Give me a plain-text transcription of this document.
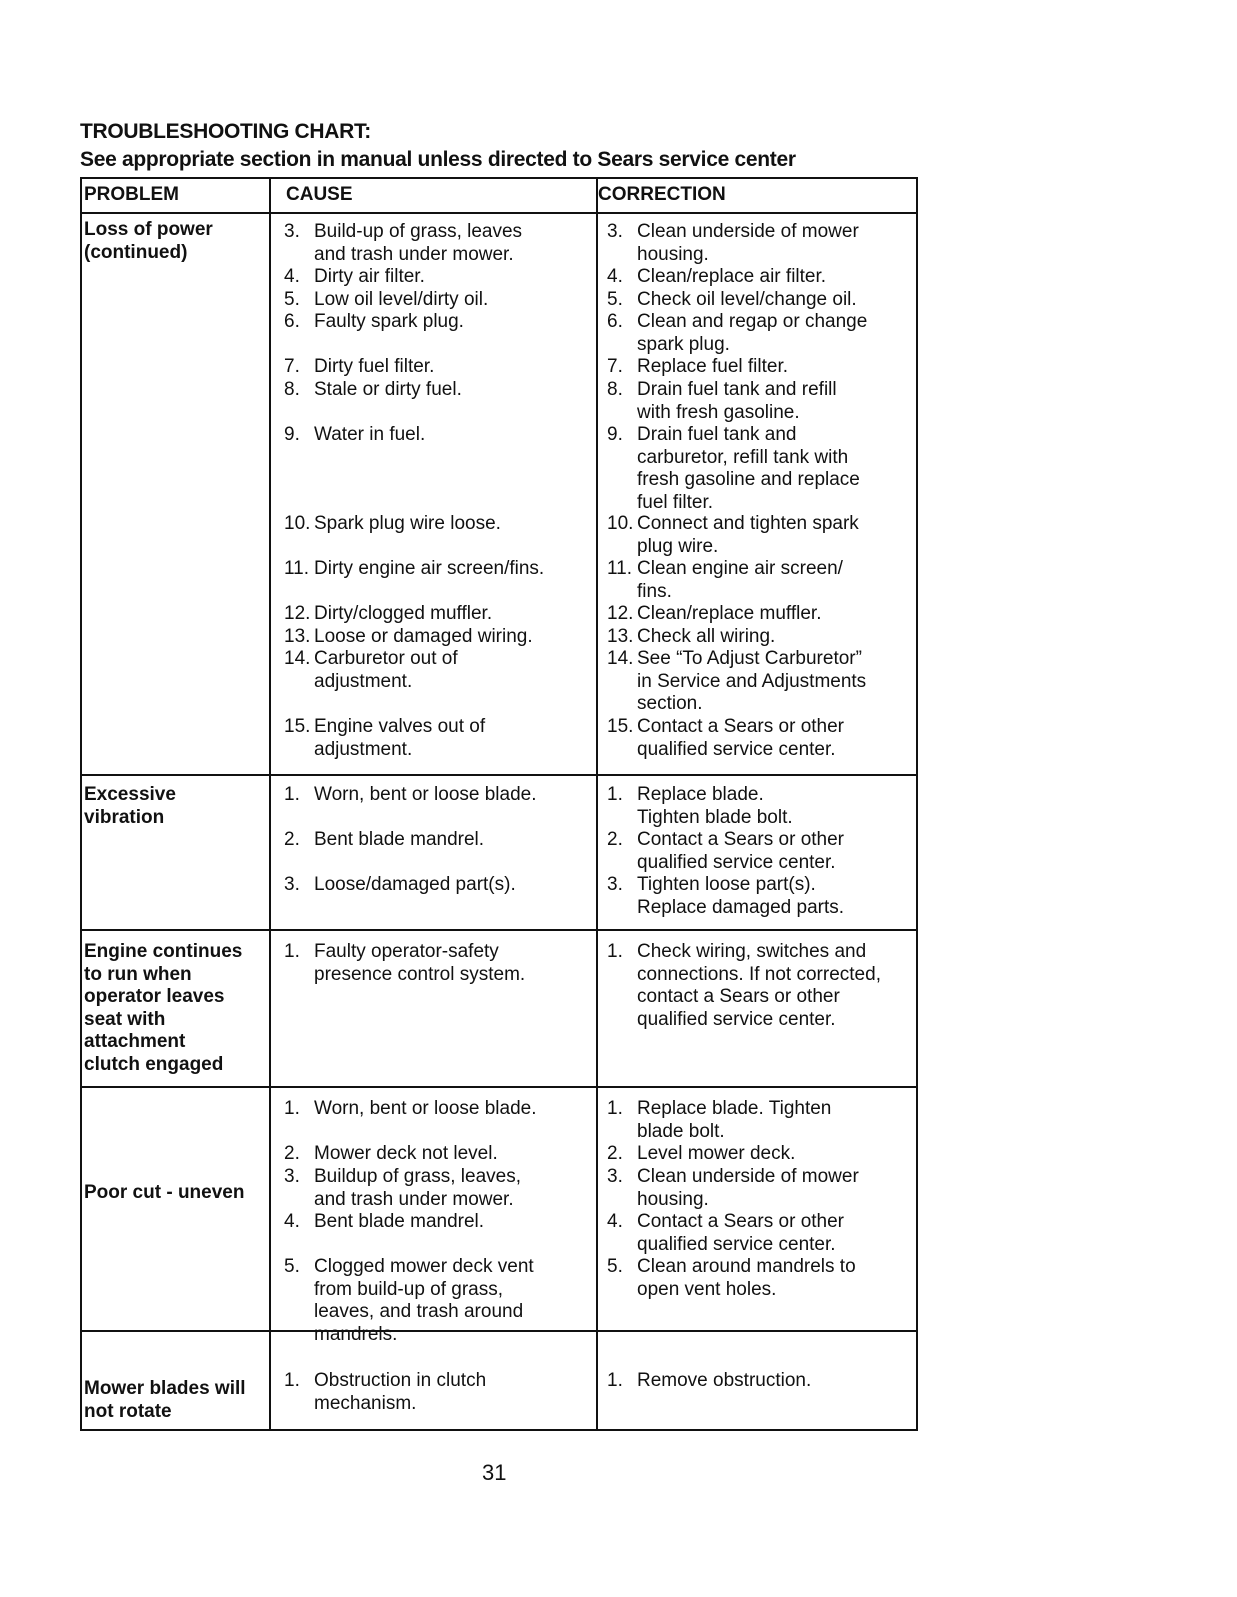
TROUBLESHOOTING CHART:
See appropriate section in manual unless directed to Sears service center
PROBLEM	CAUSE	CORRECTION
Loss of power
(continued)
3. Build-up of grass, leaves
and trash under mower.
4. Dirty air filter.
5. Low oil level/dirty oil.
6. Faulty spark plug.
7. Dirty fuel filter.
8. Stale or dirty fuel.
9. Water in fuel.
10. Spark plug wire loose.
11. Dirty engine air screen/fins.
12. Dirty/clogged muffler.
13. Loose or damaged wiring.
14. Carburetor out of
adjustment.
15. Engine valves out of
adjustment.
3. Clean underside of mower
housing.
4. Clean/replace air filter.
5. Check oil level/change oil.
6. Clean and regap or change
spark plug.
7. Replace fuel filter.
8. Drain fuel tank and refill
with fresh gasoline.
9. Drain fuel tank and
carburetor, refill tank with
fresh gasoline and replace
fuel filter.
10. Connect and tighten spark
plug wire.
11. Clean engine air screen/
fins.
12. Clean/replace muffler.
13. Check all wiring.
14. See “To Adjust Carburetor”
in Service and Adjustments
section.
15. Contact a Sears or other
qualified service center.
Excessive
vibration
1. Worn, bent or loose blade.
2. Bent blade mandrel.
3. Loose/damaged part(s).
1. Replace blade.
Tighten blade bolt.
2. Contact a Sears or other
qualified service center.
3. Tighten loose part(s).
Replace damaged parts.
Engine continues
to run when
operator leaves
seat with
attachment
clutch engaged
1. Faulty operator-safety
presence control system.
1. Check wiring, switches and
connections. If not corrected,
contact a Sears or other
qualified service center.
Poor cut - uneven
1. Worn, bent or loose blade.
2. Mower deck not level.
3. Buildup of grass, leaves,
and trash under mower.
4. Bent blade mandrel.
5. Clogged mower deck vent
from build-up of grass,
leaves, and trash around
mandrels.
1. Replace blade. Tighten
blade bolt.
2. Level mower deck.
3. Clean underside of mower
housing.
4. Contact a Sears or other
qualified service center.
5. Clean around mandrels to
open vent holes.
Mower blades will
not rotate
1. Obstruction in clutch
mechanism.
1. Remove obstruction.
31
